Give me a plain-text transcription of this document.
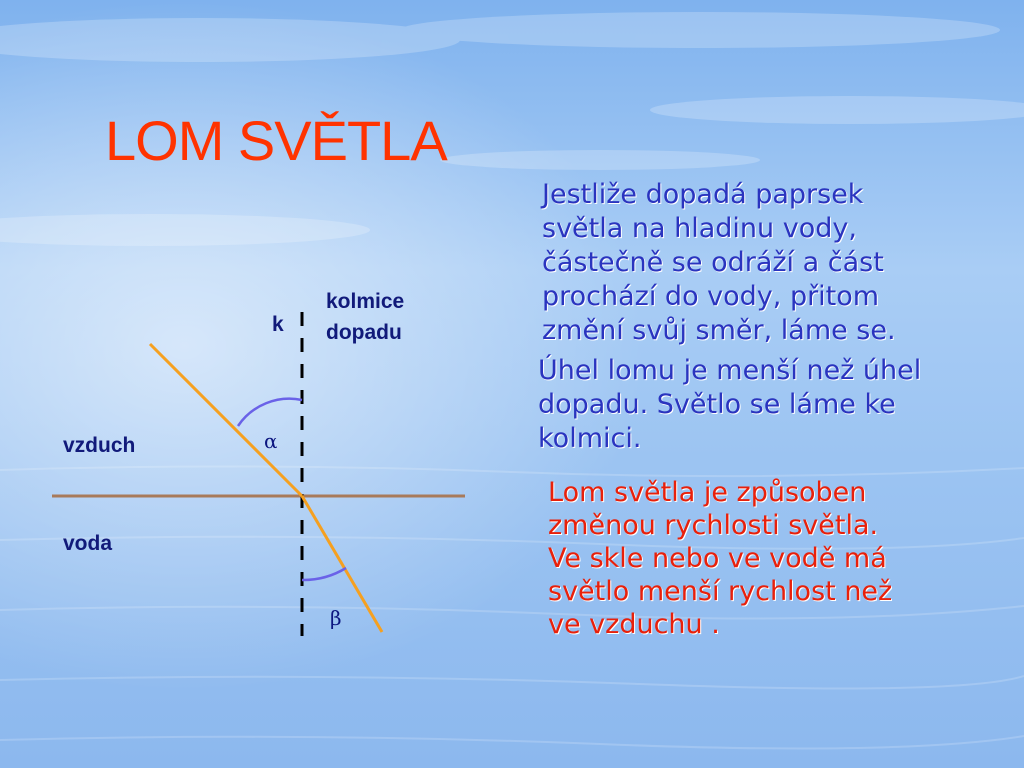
LOM SVĚTLA

Jestliže dopadá paprsek světla na hladinu vody, částečně se odráží a část prochází do vody, přitom změní svůj směr, láme se.

Úhel lomu je menší než úhel dopadu. Světlo se láme ke kolmici.

Lom světla je způsoben změnou rychlosti světla. Ve skle nebo ve vodě má světlo menší rychlost než ve vzduchu .

α
β

k

kolmice

dopadu

vzduch

voda
